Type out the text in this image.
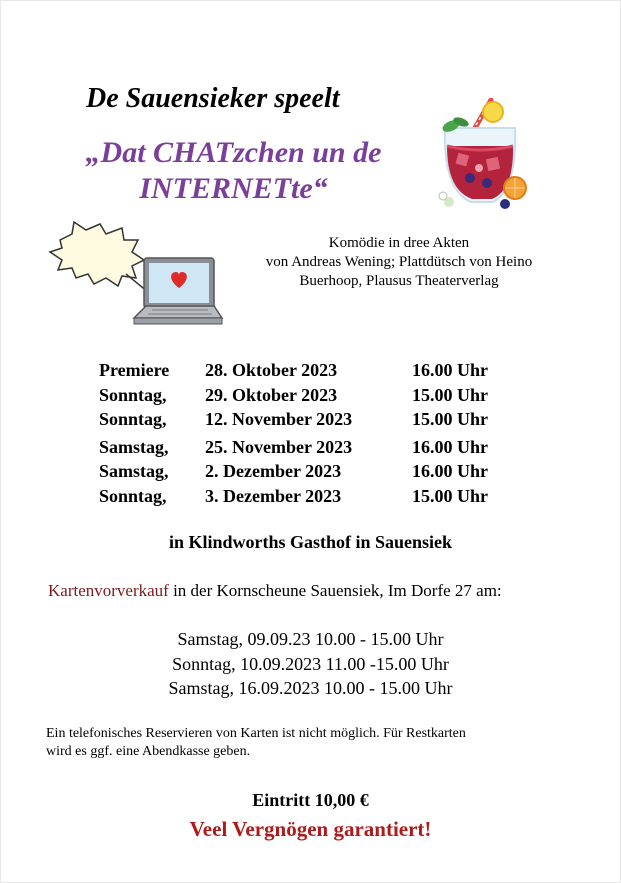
De Sauensieker speelt
„Dat CHATzchen un de
INTERNETte“
Komödie in dree Akten
von Andreas Wening; Plattdütsch von Heino
Buerhoop, Plausus Theaterverlag
Premiere 28. Oktober 2023	16.00 Uhr
Sonntag, 29. Oktober 2023	15.00 Uhr
Sonntag, 12. November 2023	15.00 Uhr
Samstag, 25. November 2023	16.00 Uhr
Samstag, 2. Dezember 2023	16.00 Uhr
Sonntag, 3. Dezember 2023	15.00 Uhr
in Klindworths Gasthof in Sauensiek
Kartenvorverkauf in der Kornscheune Sauensiek, Im Dorfe 27 am:
Samstag, 09.09.23 10.00 - 15.00 Uhr
Sonntag, 10.09.2023 11.00 -15.00 Uhr
Samstag, 16.09.2023 10.00 - 15.00 Uhr
Ein telefonisches Reservieren von Karten ist nicht möglich. Für Restkarten
wird es ggf. eine Abendkasse geben.
Eintritt 10,00 €
Veel Vergnögen garantiert!
